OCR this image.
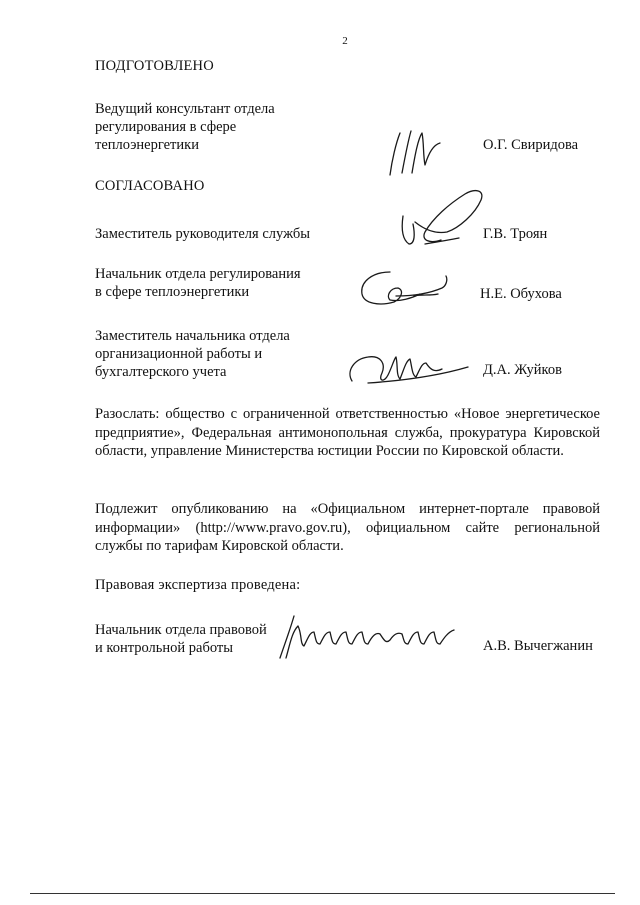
2
ПОДГОТОВЛЕНО
Ведущий консультант отдела
регулирования в сфере
теплоэнергетики	О.Г. Свиридова
СОГЛАСОВАНО
Заместитель руководителя службы	Г.В. Троян
Начальник отдела регулирования
в сфере теплоэнергетики	Н.Е. Обухова
Заместитель начальника отдела
организационной работы и
бухгалтерского учета	Д.А. Жуйков
Разослать: общество с ограниченной ответственностью «Новое энергетическое предприятие», Федеральная антимонопольная служба, прокуратура Кировской области, управление Министерства юстиции России по Кировской области.
Подлежит опубликованию на «Официальном интернет-портале правовой информации» (http://www.pravo.gov.ru), официальном сайте региональной службы по тарифам Кировской области.
Правовая экспертиза проведена:
Начальник отдела правовой
и контрольной работы	А.В. Вычегжанин
